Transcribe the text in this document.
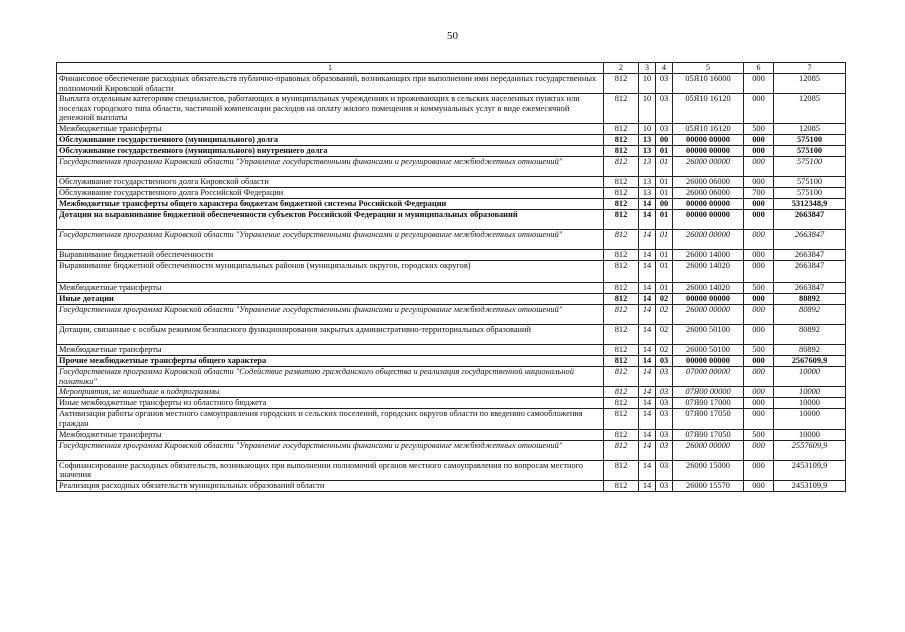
50
1	2	3	4	5	6	7
Финансовое обеспечение расходных обязательств публично-правовых образований, возникающих при выполнении ими переданных государственных полномочий Кировской области	812	10	03	05Я10 16000	000	12085
Выплата отдельным категориям специалистов, работающих в муниципальных учреждениях и проживающих в сельских населенных пунктах или поселках городского типа области, частичной компенсации расходов на оплату жилого помещения и коммунальных услуг в виде ежемесячной денежной выплаты	812	10	03	05Я10 16120	000	12085
Межбюджетные трансферты	812	10	03	05Я10 16120	500	12085
Обслуживание государственного (муниципального) долга	812	13	00	00000 00000	000	575100
Обслуживание государственного (муниципального) внутреннего долга	812	13	01	00000 00000	000	575100
Государственная программа Кировской области "Управление государственными финансами и регулирование межбюджетных отношений"	812	13	01	26000 00000	000	575100
Обслуживание государственного долга Кировской области	812	13	01	26000 06000	000	575100
Обслуживание государственного долга Российской Федерации	812	13	01	26000 06000	700	575100
Межбюджетные трансферты общего характера бюджетам бюджетной системы Российской Федерации	812	14	00	00000 00000	000	5312348,9
Дотации на выравнивание бюджетной обеспеченности субъектов Российской Федерации и муниципальных образований	812	14	01	00000 00000	000	2663847
Государственная программа Кировской области "Управление государственными финансами и регулирование межбюджетных отношений"	812	14	01	26000 00000	000	2663847
Выравнивание бюджетной обеспеченности	812	14	01	26000 14000	000	2663847
Выравнивание бюджетной обеспеченности муниципальных районов (муниципальных округов, городских округов)	812	14	01	26000 14020	000	2663847
Межбюджетные трансферты	812	14	01	26000 14020	500	2663847
Иные дотации	812	14	02	00000 00000	000	80892
Государственная программа Кировской области "Управление государственными финансами и регулирование межбюджетных отношений"	812	14	02	26000 00000	000	80892
Дотации, связанные с особым режимом безопасного функционирования закрытых административно-территориальных образований	812	14	02	26000 50100	000	80892
Межбюджетные трансферты	812	14	02	26000 50100	500	80892
Прочие межбюджетные трансферты общего характера	812	14	03	00000 00000	000	2567609,9
Государственная программа Кировской области "Содействие развитию гражданского общества и реализация государственной национальной политики"	812	14	03	07000 00000	000	10000
Мероприятия, не вошедшие в подпрограммы	812	14	03	07Я00 00000	000	10000
Иные межбюджетные трансферты из областного бюджета	812	14	03	07Я00 17000	000	10000
Активизация работы органов местного самоуправления городских и сельских поселений, городских округов области по введению самообложения граждан	812	14	03	07Я00 17050	000	10000
Межбюджетные трансферты	812	14	03	07Я00 17050	500	10000
Государственная программа Кировской области "Управление государственными финансами и регулирование межбюджетных отношений"	812	14	03	26000 00000	000	2557609,9
Софинансирование расходных обязательств, возникающих при выполнении полномочий органов местного самоуправления по вопросам местного значения	812	14	03	26000 15000	000	2453109,9
Реализация расходных обязательств муниципальных образований области	812	14	03	26000 15570	000	2453109,9
